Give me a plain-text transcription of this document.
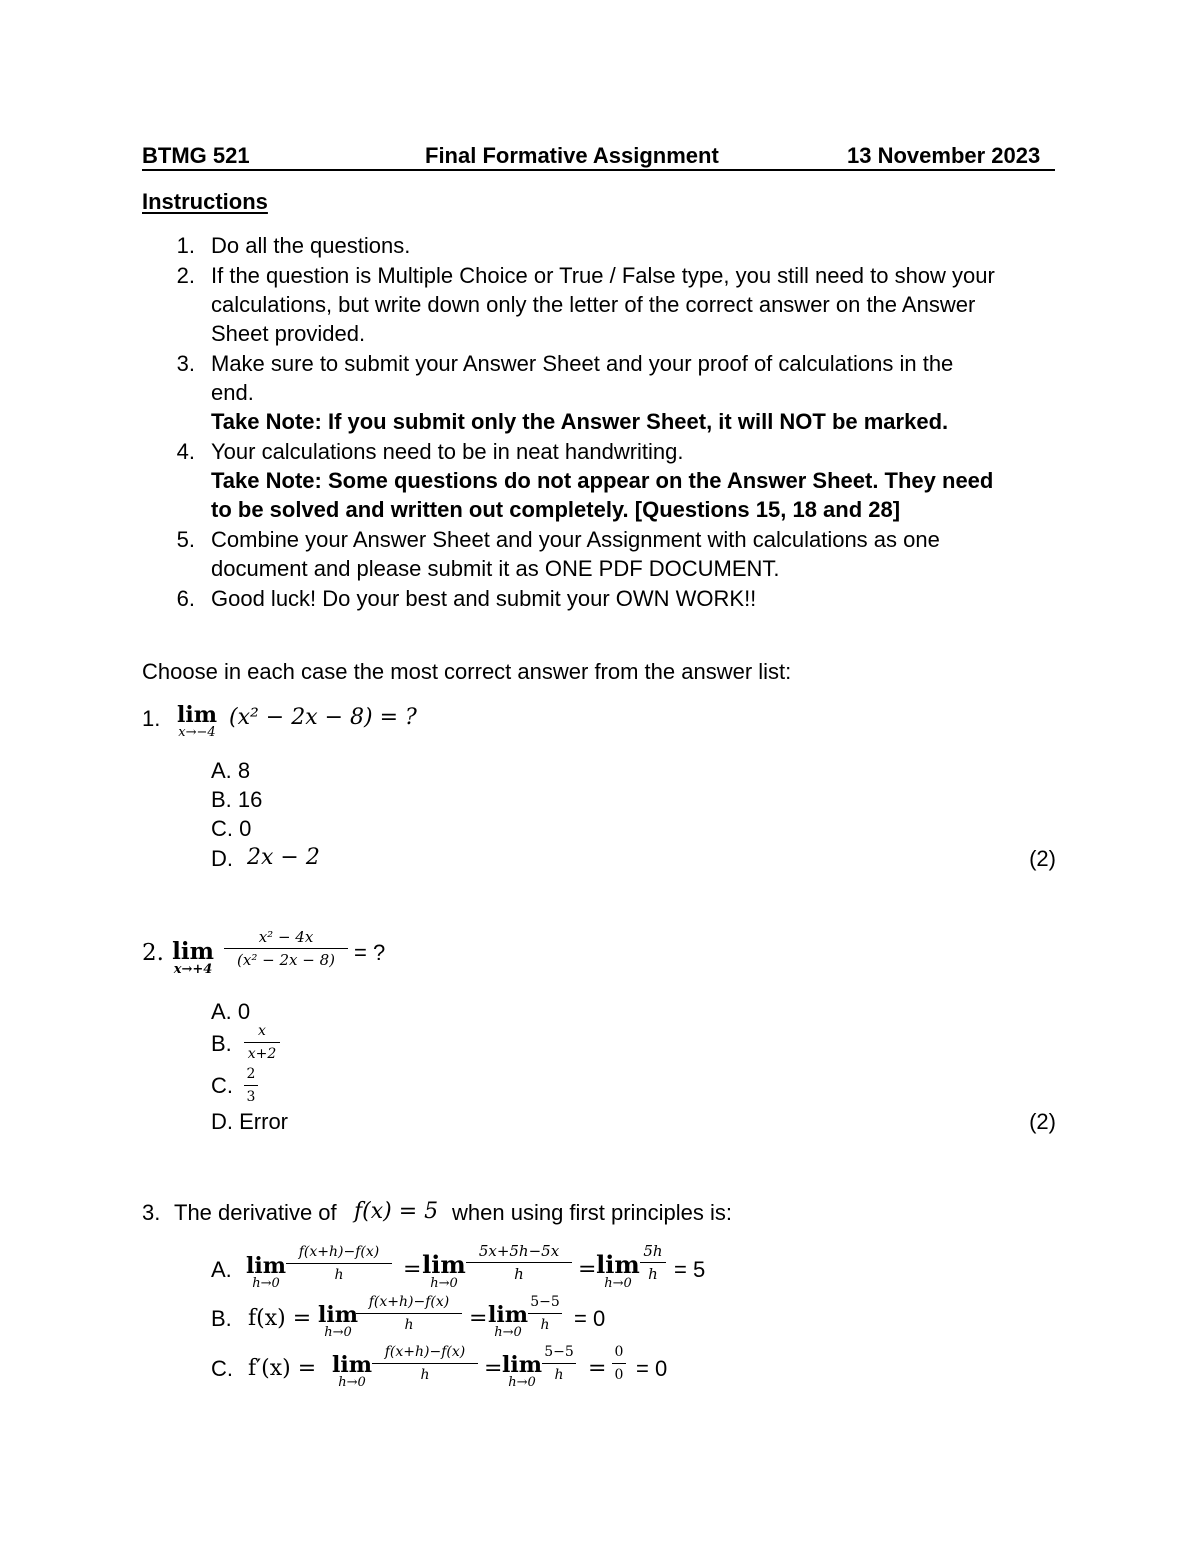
BTMG 521	Final Formative Assignment	13 November 2023
Instructions
1. Do all the questions.
2. If the question is Multiple Choice or True / False type, you still need to show your
calculations, but write down only the letter of the correct answer on the Answer
Sheet provided.
3. Make sure to submit your Answer Sheet and your proof of calculations in the
end.
Take Note: If you submit only the Answer Sheet, it will NOT be marked.
4. Your calculations need to be in neat handwriting.
Take Note: Some questions do not appear on the Answer Sheet. They need
to be solved and written out completely. [Questions 15, 18 and 28]
5. Combine your Answer Sheet and your Assignment with calculations as one
document and please submit it as ONE PDF DOCUMENT.
6. Good luck! Do your best and submit your OWN WORK!!
Choose in each case the most correct answer from the answer list:
1. lim
x→−4
(x² − 2x − 8) = ?
A. 8
B. 16
C. 0
D. 2x − 2	(2)
2. lim
$x\to+4 \frac{\text{x² − 4x}}{\text{(x² − 2x − 8)}}$ = ?
A. 0
B. $\frac{x}{x+2}$
C. $\frac{2}{3}$
D. Error	(2)
3. The derivative of f(x) = 5 when using first principles is:
A. lim
$h\to 0 \frac{f(x+h)-f(x)}{h} = \lim$
$h\to 0 \frac{5x+5h-5x}{h} = \lim$
$h\to 0 \frac{5h}{h} = 5$
B. f(x) = lim
$h\to 0 \frac{f(x+h)-f(x)}{h} = \lim$
$h\to 0 \frac{5-5}{h} = 0$
C. f′(x) = lim
$h\to 0 \frac{f(x+h)-f(x)}{h} = \lim$
$h\to 0 \frac{5-5}{h} = \frac{0}{0} = 0$
